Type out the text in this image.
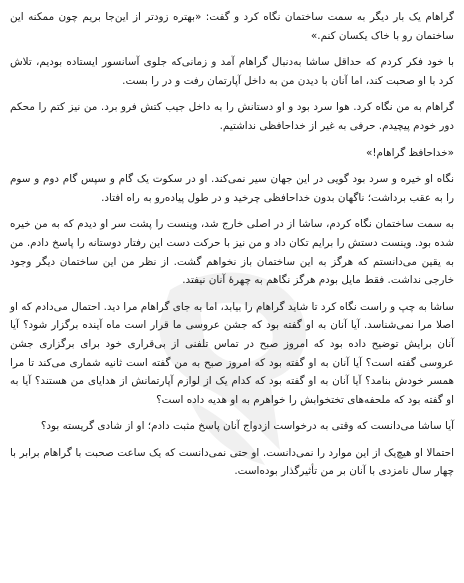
گراهام یک بار دیگر به سمت ساختمان نگاه کرد و گفت: «بهتره زودتر از این‌جا بریم چون ممکنه این ساختمان رو با خاک یکسان کنم.»

با خود فکر کردم که حداقل ساشا به‌دنبال گراهام آمد و زمانی‌که جلوی آسانسور ایستاده بودیم، تلاش کرد با او صحبت کند، اما آنان با دیدن من به داخل آپارتمان رفت و در را بست.

گراهام به من نگاه کرد. هوا سرد بود و او دستانش را به داخل جیب کتش فرو برد. من نیز کتم را محکم دور خودم پیچیدم. حرفی به غیر از خداحافظی نداشتیم.

«خداحافظ گراهام!»

نگاه او خیره و سرد بود گویی در این جهان سیر نمی‌کند. او در سکوت یک گام و سپس گام دوم و سوم را به عقب برداشت؛ ناگهان بدون خداحافظی چرخید و در طول پیاده‌رو به راه افتاد.

به سمت ساختمان نگاه کردم، ساشا از در اصلی خارج شد، وینست را پشت سر او دیدم که به من خیره شده بود. وینست دستش را برایم تکان داد و من نیز با حرکت دست این رفتار دوستانه را پاسخ دادم. من به یقین می‌دانستم که هرگز به این ساختمان باز نخواهم گشت. از نظر من این ساختمان دیگر وجود خارجی نداشت. فقط مایل بودم هرگز نگاهم به چهره‌ٔ آنان نیفتد.

ساشا به چپ و راست نگاه کرد تا شاید گراهام را بیابد، اما به جای گراهام مرا دید. احتمال می‌دادم که او اصلا مرا نمی‌شناسد. آیا آنان به او گفته بود که جشن عروسی ما قرار است ماه آینده برگزار شود؟ آیا آنان برایش توضیح داده بود که امروز صبح در تماس تلفنی از بی‌قراری خود برای برگزاری جشن عروسی گفته است؟ آیا آنان به او گفته بود که امروز صبح به من گفته است ثانیه شماری می‌کند تا مرا همسر خودش بنامد؟ آیا آنان به او گفته بود که کدام یک از لوازم آپارتمانش از هدایای من هستند؟ آیا به او گفته بود که ملحفه‌های تختخوابش را خواهرم به او هدیه داده است؟

آیا ساشا می‌دانست که وقتی به درخواست ازدواج آنان پاسخ مثبت دادم؛ او از شادی گریسته بود؟

احتمالا او هیچ‌یک از این موارد را نمی‌دانست. او حتی نمی‌دانست که یک ساعت صحبت با گراهام برابر با چهار سال نامزدی با آنان بر من تأثیرگذار بوده‌است.
